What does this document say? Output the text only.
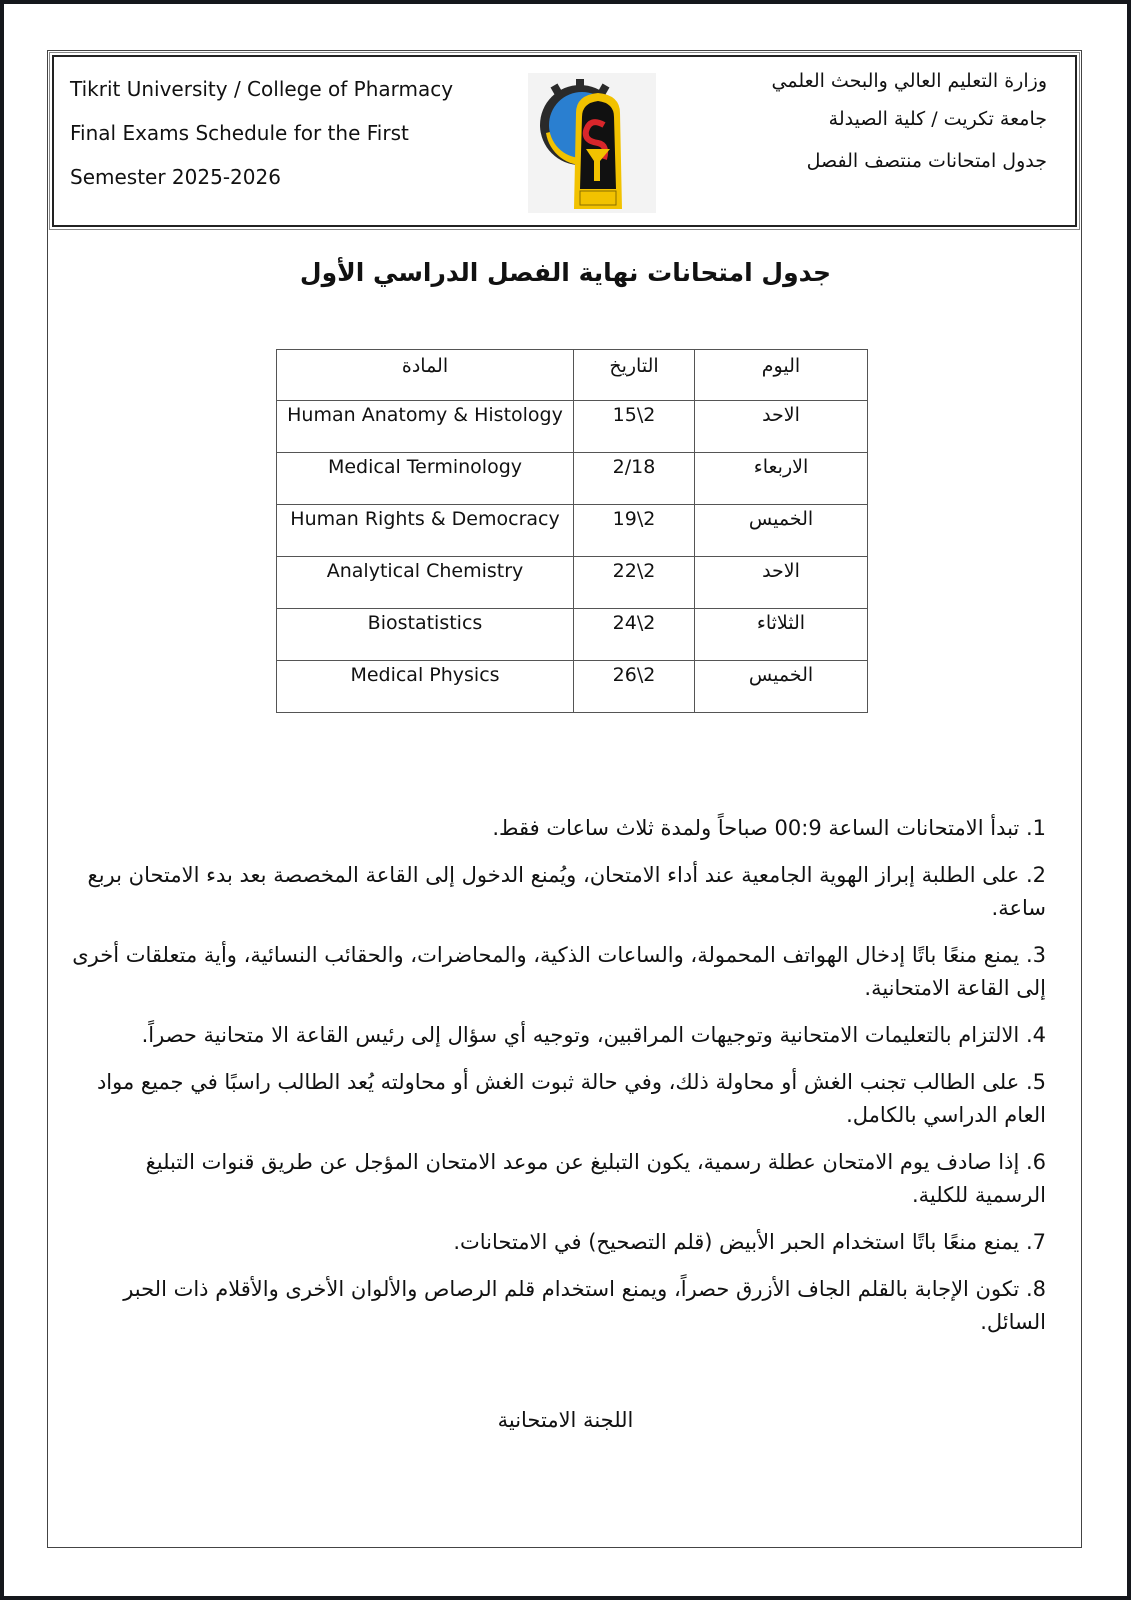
Tikrit University / College of Pharmacy
Final Exams Schedule for the First
Semester 2025-2026
وزارة التعليم العالي والبحث العلمي
جامعة تكريت / كلية الصيدلة
جدول امتحانات منتصف الفصل
جدول امتحانات نهاية الفصل الدراسي الأول
اليوم	التاريخ	المادة
الاحد	2\15	Human Anatomy & Histology
الاربعاء	2/18	Medical Terminology
الخميس	2\19	Human Rights & Democracy
الاحد	2\22	Analytical Chemistry
الثلاثاء	2\24	Biostatistics
الخميس	2\26	Medical Physics

1. تبدأ الامتحانات الساعة 00:9 صباحاً ولمدة ثلاث ساعات فقط.

2. على الطلبة إبراز الهوية الجامعية عند أداء الامتحان، ويُمنع الدخول إلى القاعة المخصصة بعد بدء الامتحان بربع ساعة.

3. يمنع منعًا باتًا إدخال الهواتف المحمولة، والساعات الذكية، والمحاضرات، والحقائب النسائية، وأية متعلقات أخرى إلى القاعة الامتحانية.

4. الالتزام بالتعليمات الامتحانية وتوجيهات المراقبين، وتوجيه أي سؤال إلى رئيس القاعة الا متحانية حصراً.

5. على الطالب تجنب الغش أو محاولة ذلك، وفي حالة ثبوت الغش أو محاولته يُعد الطالب راسبًا في جميع مواد العام الدراسي بالكامل.

6. إذا صادف يوم الامتحان عطلة رسمية، يكون التبليغ عن موعد الامتحان المؤجل عن طريق قنوات التبليغ الرسمية للكلية.

7. يمنع منعًا باتًا استخدام الحبر الأبيض (قلم التصحيح) في الامتحانات.

8. تكون الإجابة بالقلم الجاف الأزرق حصراً، ويمنع استخدام قلم الرصاص والألوان الأخرى والأقلام ذات الحبر السائل.

اللجنة الامتحانية
